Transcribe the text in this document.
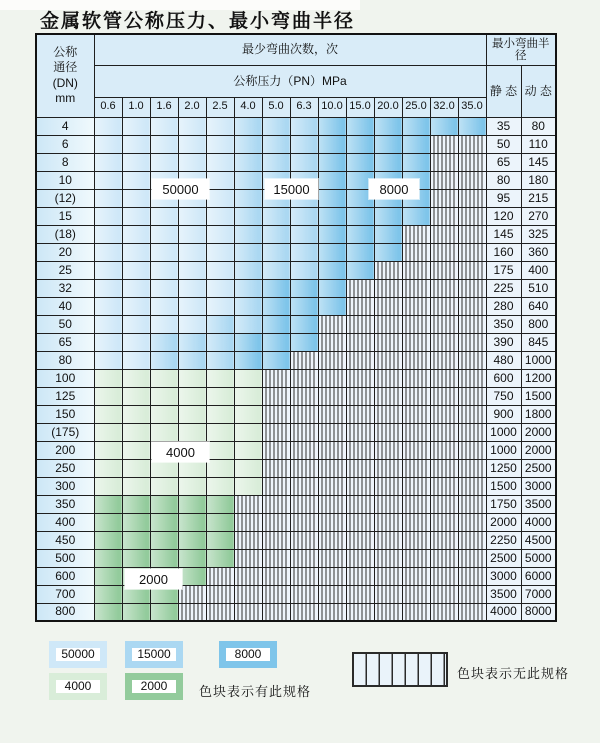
金属软管公称压力、最小弯曲半径
公称
通径
(DN)
mm	最少弯曲次数，次														最小弯曲半径	
	公称压力（PN）MPa														静 态	动 态
	0.6	1.0	1.6	2.0	2.5	4.0	5.0	6.3	10.0	15.0	20.0	25.0	32.0	35.0		
4															35	80
6															50	110
8															65	145
10															80	180
(12)															95	215
15															120	270
(18)															145	325
20															160	360
25															175	400
32															225	510
40															280	640
50															350	800
65															390	845
80															480	1000
100															600	1200
125															750	1500
150															900	1800
(175)															1000	2000
200															1000	2000
250															1250	2500
300															1500	3000
350															1750	3500
400															2000	4000
450															2250	4500
500															2500	5000
600															3000	6000
700															3500	7000
800															4000	8000
50000	15000	8000
4000
2000
50000	15000	8000
4000	2000 色块表示有此规格
色块表示无此规格
